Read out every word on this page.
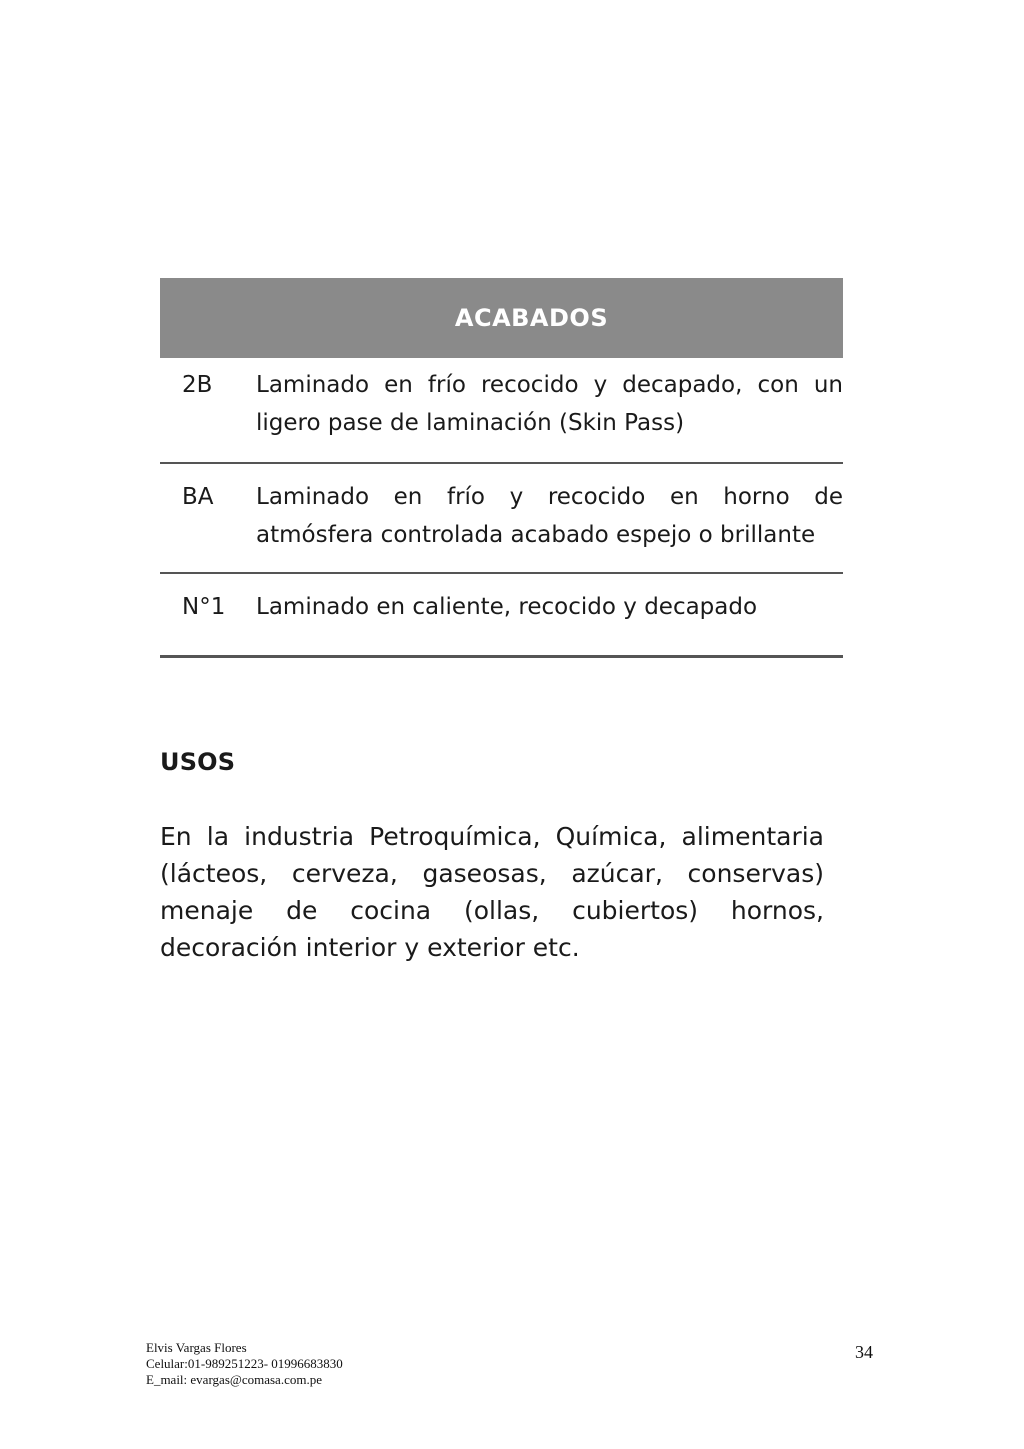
ACABADOS
2B	Laminado en frío recocido y decapado, con un ligero pase de laminación (Skin Pass)
BA	Laminado en frío y recocido en horno de atmósfera controlada acabado espejo o brillante
N°1	Laminado en caliente, recocido y decapado
USOS

En la industria Petroquímica, Química, alimentaria (lácteos, cerveza, gaseosas, azúcar, conservas) menaje de cocina (ollas, cubiertos) hornos, decoración interior y exterior etc.

Elvis Vargas Flores
Celular:01-989251223- 01996683830
E_mail: evargas@comasa.com.pe
34
